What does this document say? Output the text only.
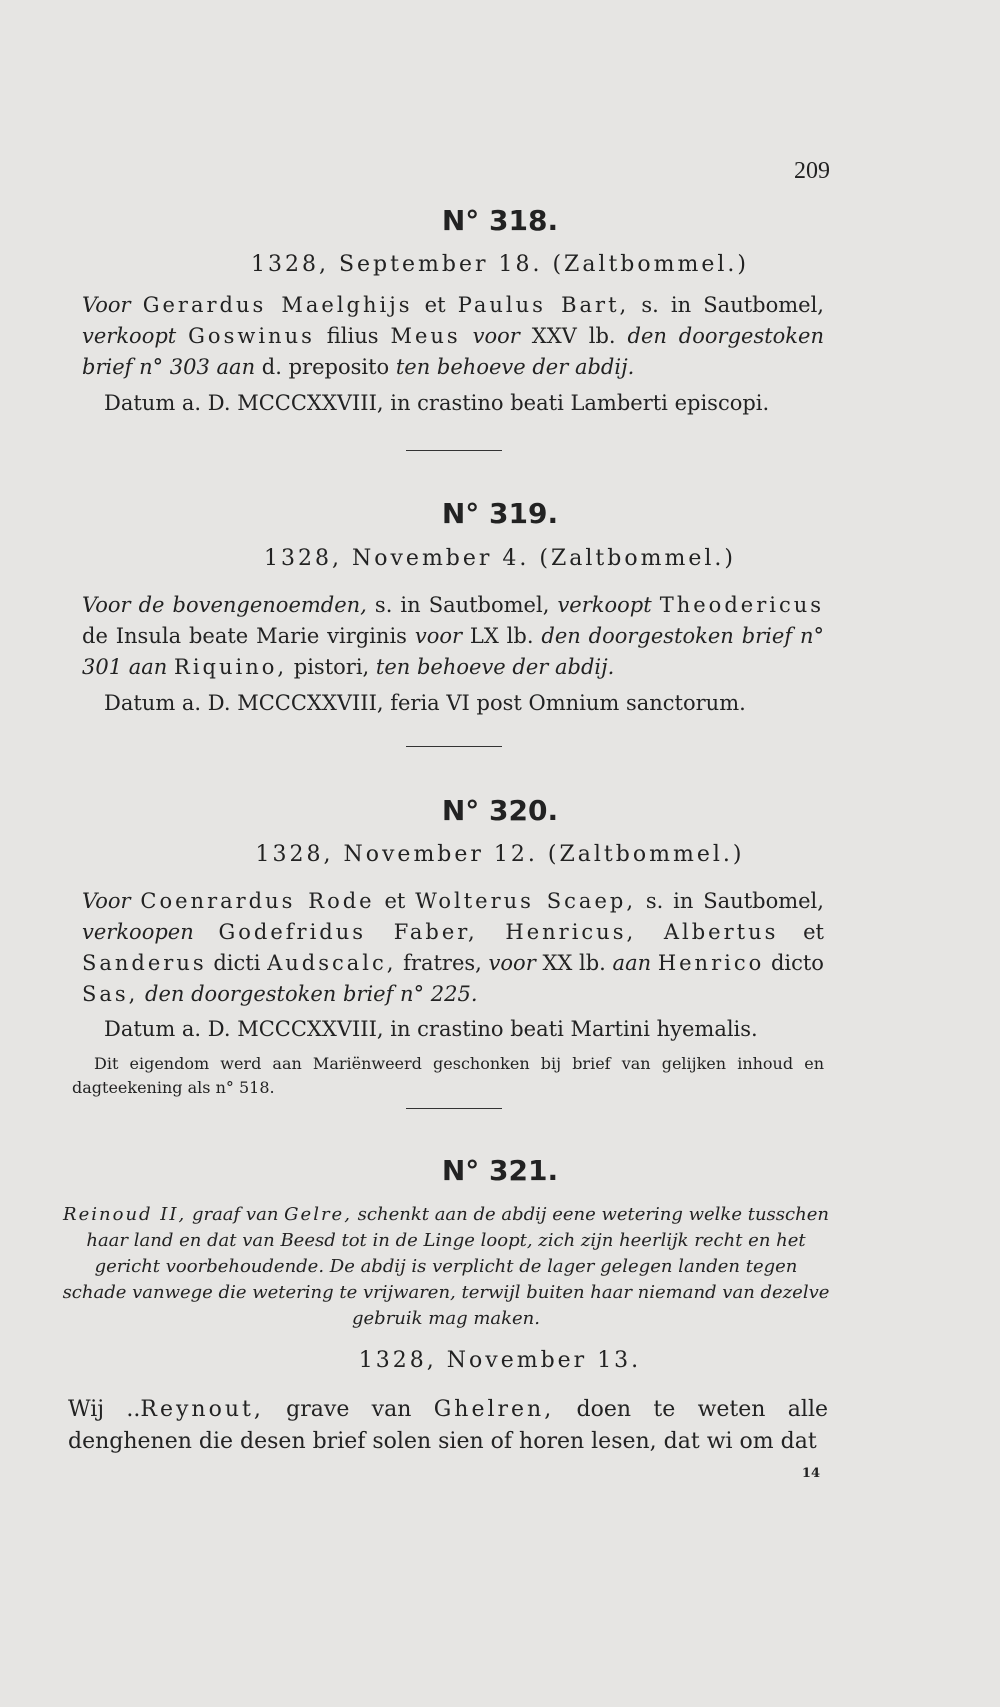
209
N° 318.
1328, September 18. (Zaltbommel.)
Voor Gerardus Maelghijs et Paulus Bart, s. in Sautbomel, verkoopt Goswinus filius Meus voor XXV lb. den doorgestoken brief n° 303 aan d. preposito ten behoeve der abdij.
Datum a. D. MCCCXXVIII, in crastino beati Lamberti episcopi.
N° 319.
1328, November 4. (Zaltbommel.)
Voor de bovengenoemden, s. in Sautbomel, verkoopt Theodericus de Insula beate Marie virginis voor LX lb. den doorgestoken brief n° 301 aan Riquino, pistori, ten behoeve der abdij.
Datum a. D. MCCCXXVIII, feria VI post Omnium sanctorum.
N° 320.
1328, November 12. (Zaltbommel.)
Voor Coenrardus Rode et Wolterus Scaep, s. in Sautbomel, verkoopen Godefridus Faber, Henricus, Albertus et Sanderus dicti Audscalc, fratres, voor XX lb. aan Henrico dicto Sas, den doorgestoken brief n° 225.
Datum a. D. MCCCXXVIII, in crastino beati Martini hyemalis.
Dit eigendom werd aan Mariënweerd geschonken bij brief van gelijken inhoud en dagteekening als n° 518.
N° 321.
Reinoud II, graaf van Gelre, schenkt aan de abdij eene wetering welke tusschen haar land en dat van Beesd tot in de Linge loopt, zich zijn heerlijk recht en het gericht voorbehoudende. De abdij is verplicht de lager gelegen landen tegen schade vanwege die wetering te vrijwaren, terwijl buiten haar niemand van dezelve gebruik mag maken.
1328, November 13.
Wij ..Reynout, grave van Ghelren, doen te weten alle denghenen die desen brief solen sien of horen lesen, dat wi om dat
14
